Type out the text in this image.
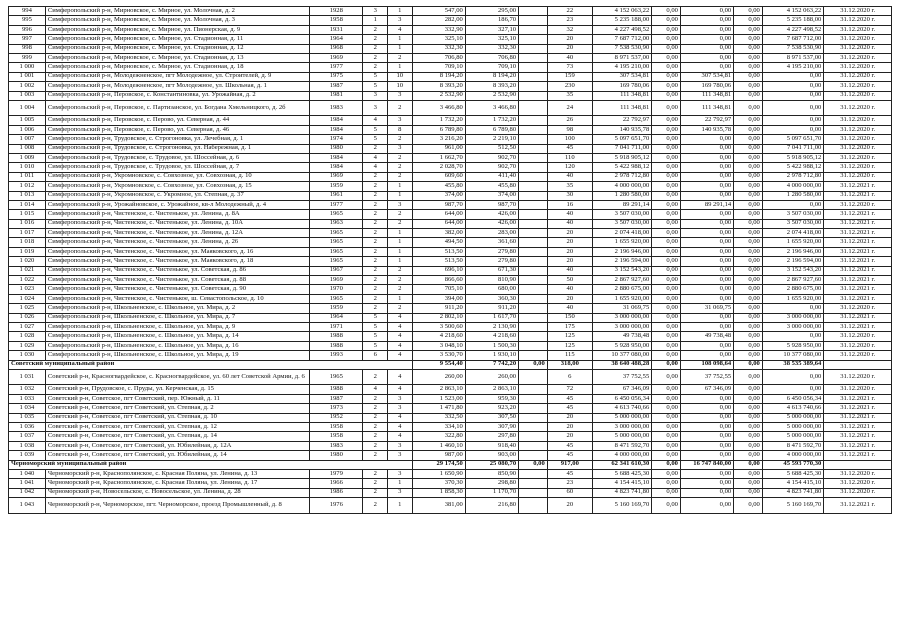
994	Симферопольский р-н, Мирновское, с. Мирное, ул. Молочная, д. 2	1928	3	1	547,00	295,00		22	4 152 063,22	0,00	0,00	0,00	4 152 063,22	31.12.2020 г.
995	Симферопольский р-н, Мирновское, с. Мирное, ул. Молочная, д. 3	1958	1	3	282,00	186,70		23	5 235 188,00	0,00	0,00	0,00	5 235 188,00	31.12.2020 г.
996	Симферопольский р-н, Мирновское, с. Мирное, ул. Пионерская, д. 9	1931	2	4	332,90	327,10		32	4 227 498,52	0,00	0,00	0,00	4 227 498,52	31.12.2020 г.
997	Симферопольский р-н, Мирновское, с. Мирное, ул. Стадионная, д. 11	1964	2	1	325,10	325,10		20	7 687 712,00	0,00	0,00	0,00	7 687 712,00	31.12.2020 г.
998	Симферопольский р-н, Мирновское, с. Мирное, ул. Стадионная, д. 12	1968	2	1	332,30	332,30		20	7 538 530,90	0,00	0,00	0,00	7 538 530,90	31.12.2020 г.
999	Симферопольский р-н, Мирновское, с. Мирное, ул. Стадионная, д. 13	1969	2	2	706,80	706,80		40	8 971 537,00	0,00	0,00	0,00	8 971 537,00	31.12.2020 г.
1 000	Симферопольский р-н, Мирновское, с. Мирное, ул. Стадионная, д. 18	1977	2	1	709,10	709,10		73	4 195 210,00	0,00	0,00	0,00	4 195 210,00	31.12.2020 г.
1 001	Симферопольский р-н, Молодежненское, пгт Молодежное, ул. Строителей, д. 9	1975	5	10	8 194,20	8 194,20		159	307 534,81	0,00	307 534,81	0,00	0,00	31.12.2020 г.
1 002	Симферопольский р-н, Молодежненское, пгт Молодежное, ул. Школьная, д. 1	1987	5	10	8 393,20	8 393,20		230	169 780,06	0,00	169 780,06	0,00	0,00	31.12.2020 г.
1 003	Симферопольский р-н, Перовское, с. Константиновка, ул. Урожайная, д. 2	1981	3	3	2 532,90	2 532,90		35	111 348,81	0,00	111 348,81	0,00	0,00	31.12.2020 г.
1 004	Симферопольский р-н, Перовское, с. Партизанское, ул. Богдана Хмельницкого, д. 2б	1983	3	2	3 466,80	3 466,80		24	111 348,81	0,00	111 348,81	0,00	0,00	31.12.2020 г.
1 005	Симферопольский р-н, Перовское, с. Перово, ул. Северная, д. 44	1984	4	3	1 732,20	1 732,20		26	22 792,97	0,00	22 792,97	0,00	0,00	31.12.2020 г.
1 006	Симферопольский р-н, Перовское, с. Перово, ул. Северная, д. 46	1984	5	8	6 789,80	6 789,80		98	140 935,78	0,00	140 935,78	0,00	0,00	31.12.2020 г.
1 007	Симферопольский р-н, Трудовское, с. Строгоновка, ул. Лечебная, д. 1	1974	5	2	3 216,20	2 219,10		100	5 097 651,70	0,00	0,00	0,00	5 097 651,70	31.12.2020 г.
1 008	Симферопольский р-н, Трудовское, с. Строгоновка, ул. Набережная, д. 1	1980	2	3	961,00	512,50		45	7 041 711,00	0,00	0,00	0,00	7 041 711,00	31.12.2020 г.
1 009	Симферопольский р-н, Трудовское, с. Трудовое, ул. Шоссейная, д. 6	1984	4	2	1 662,70	902,70		110	5 918 905,12	0,00	0,00	0,00	5 918 905,12	31.12.2020 г.
1 010	Симферопольский р-н, Трудовское, с. Трудовое, ул. Шоссейная, д. 7	1984	4	2	2 028,70	902,70		120	5 422 988,12	0,00	0,00	0,00	5 422 988,12	31.12.2020 г.
1 011	Симферопольский р-н, Укромновское, с. Совхозное, ул. Совхозная, д. 10	1969	2	2	609,60	411,40		40	2 978 712,80	0,00	0,00	0,00	2 978 712,80	31.12.2020 г.
1 012	Симферопольский р-н, Укромновское, с. Совхозное, ул. Совхозная, д. 15	1959	2	1	455,80	455,80		35	4 000 000,00	0,00	0,00	0,00	4 000 000,00	31.12.2021 г.
1 013	Симферопольский р-н, Укромновское, с. Укромное, ул. Степная, д. 37	1961	2	1	374,00	374,00		30	1 280 580,00	0,00	0,00	0,00	1 280 580,00	31.12.2021 г.
1 014	Симферопольский р-н, Урожайновское, с. Урожайное, кв-л Молодежный, д. 4	1977	2	3	987,70	987,70		16	89 291,14	0,00	89 291,14	0,00	0,00	31.12.2020 г.
1 015	Симферопольский р-н, Чистенское, с. Чистенькое, ул. Ленина, д. 8А	1965	2	2	644,00	426,00		40	3 507 030,00	0,00	0,00	0,00	3 507 030,00	31.12.2021 г.
1 016	Симферопольский р-н, Чистенское, с. Чистенькое, ул. Ленина, д. 10А	1963	2	2	644,00	426,00		40	3 507 030,00	0,00	0,00	0,00	3 507 030,00	31.12.2021 г.
1 017	Симферопольский р-н, Чистенское, с. Чистенькое, ул. Ленина, д. 12А	1965	2	1	382,00	283,00		20	2 074 418,00	0,00	0,00	0,00	2 074 418,00	31.12.2021 г.
1 018	Симферопольский р-н, Чистенское, с. Чистенькое, ул. Ленина, д. 26	1965	2	1	494,50	361,60		20	1 655 920,00	0,00	0,00	0,00	1 655 920,00	31.12.2021 г.
1 019	Симферопольский р-н, Чистенское, с. Чистенькое, ул. Маяковского, д. 16	1965	2	1	513,50	279,80		20	2 196 946,00	0,00	0,00	0,00	2 196 946,00	31.12.2021 г.
1 020	Симферопольский р-н, Чистенское, с. Чистенькое, ул. Маяковского, д. 18	1965	2	1	513,50	279,80		20	2 196 594,00	0,00	0,00	0,00	2 196 594,00	31.12.2021 г.
1 021	Симферопольский р-н, Чистенское, с. Чистенькое, ул. Советская, д. 86	1967	2	2	696,10	671,30		40	3 152 543,20	0,00	0,00	0,00	3 152 543,20	31.12.2021 г.
1 022	Симферопольский р-н, Чистенское, с. Чистенькое, ул. Советская, д. 88	1969	2	2	866,60	810,90		50	2 867 927,60	0,00	0,00	0,00	2 867 927,60	31.12.2021 г.
1 023	Симферопольский р-н, Чистенское, с. Чистенькое, ул. Советская, д. 90	1970	2	2	705,10	680,00		40	2 880 675,00	0,00	0,00	0,00	2 880 675,00	31.12.2021 г.
1 024	Симферопольский р-н, Чистенское, с. Чистенькое, ш. Севастопольское, д. 10	1965	2	1	394,00	360,30		20	1 655 920,00	0,00	0,00	0,00	1 655 920,00	31.12.2021 г.
1 025	Симферопольский р-н, Школьненское, с. Школьное, ул. Мира, д. 2	1959	2	2	911,20	911,20		40	31 069,75	0,00	31 069,75	0,00	0,00	31.12.2020 г.
1 026	Симферопольский р-н, Школьненское, с. Школьное, ул. Мира, д. 7	1964	5	4	2 802,10	1 617,70		150	3 000 000,00	0,00	0,00	0,00	3 000 000,00	31.12.2021 г.
1 027	Симферопольский р-н, Школьненское, с. Школьное, ул. Мира, д. 9	1971	5	4	3 500,60	2 130,90		175	3 000 000,00	0,00	0,00	0,00	3 000 000,00	31.12.2021 г.
1 028	Симферопольский р-н, Школьненское, с. Школьное, ул. Мира, д. 14	1988	5	4	4 218,60	4 218,60		125	49 738,48	0,00	49 738,48	0,00	0,00	31.12.2020 г.
1 029	Симферопольский р-н, Школьненское, с. Школьное, ул. Мира, д. 16	1988	5	4	3 048,10	1 500,30		125	5 928 950,00	0,00	0,00	0,00	5 928 950,00	31.12.2020 г.
1 030	Симферопольский р-н, Школьненское, с. Школьное, ул. Мира, д. 19	1993	6	4	3 530,70	1 930,10		115	10 377 080,00	0,00	0,00	0,00	10 377 080,00	31.12.2020 г.
Советский муниципальный район					9 554,40	7 742,20	0,00	318,00	38 640 488,28	0,00	108 098,64	0,00	38 535 389,64	
1 031	Советский р-н, Красногвардейское, с. Красногвардейское, ул. 60 лет Советской Армии, д. 6	1965	2	4	260,00	260,00		6	37 752,55	0,00	37 752,55	0,00	0,00	31.12.2020 г.
1 032	Советский р-н, Прудовское, с. Пруды, ул. Керченская, д. 15	1988	4	4	2 863,10	2 863,10		72	67 346,09	0,00	67 346,09	0,00	0,00	31.12.2020 г.
1 033	Советский р-н, Советское, пгт Советский, пер. Южный, д. 11	1987	2	3	1 523,00	959,30		45	6 450 056,34	0,00	0,00	0,00	6 450 056,34	31.12.2021 г.
1 034	Советский р-н, Советское, пгт Советский, ул. Степная, д. 2	1973	2	3	1 471,80	923,20		45	4 613 740,66	0,00	0,00	0,00	4 613 740,66	31.12.2021 г.
1 035	Советский р-н, Советское, пгт Советский, ул. Степная, д. 10	1952	2	4	332,50	307,50		20	5 000 000,00	0,00	0,00	0,00	5 000 000,00	31.12.2021 г.
1 036	Советский р-н, Советское, пгт Советский, ул. Степная, д. 12	1958	2	4	334,10	307,90		20	3 000 000,00	0,00	0,00	0,00	5 000 000,00	31.12.2021 г.
1 037	Советский р-н, Советское, пгт Советский, ул. Степная, д. 14	1958	2	4	322,80	297,80		20	5 000 000,00	0,00	0,00	0,00	5 000 000,00	31.12.2021 г.
1 038	Советский р-н, Советское, пгт Советский, ул. Юбилейная, д. 12А	1983	2	3	1 460,10	918,40		45	8 471 592,70	0,00	0,00	0,00	8 471 592,70	31.12.2021 г.
1 039	Советский р-н, Советское, пгт Советский, ул. Юбилейная, д. 14	1980	2	3	987,00	903,00		45	4 000 000,00	0,00	0,00	0,00	4 000 000,00	31.12.2021 г.
Черноморский муниципальный район					29 174,50	25 080,70	0,00	917,00	62 341 610,30	0,00	16 747 840,00	0,00	45 593 770,30	
1 040	Черноморский р-н, Краснополянское, с. Красная Поляна, ул. Ленина, д. 13	1979	2	3	1 650,90	850,90		45	5 688 425,30	0,00	0,00	0,00	5 688 425,30	31.12.2020 г.
1 041	Черноморский р-н, Краснополянское, с. Красная Поляна, ул. Ленина, д. 17	1966	2	1	370,30	298,80		23	4 154 415,10	0,00	0,00	0,00	4 154 415,10	31.12.2020 г.
1 042	Черноморский р-н, Новосельское, с. Новосельское, ул. Ленина, д. 28	1986	2	3	1 858,30	1 170,70		60	4 823 741,80	0,00	0,00	0,00	4 823 741,80	31.12.2020 г.
1 043	Черноморский р-н, Черноморское, пгт. Черноморское, проезд Промышленный, д. 8	1976	2	1	381,00	216,80		20	5 160 169,70	0,00	0,00	0,00	5 160 169,70	31.12.2021 г.
